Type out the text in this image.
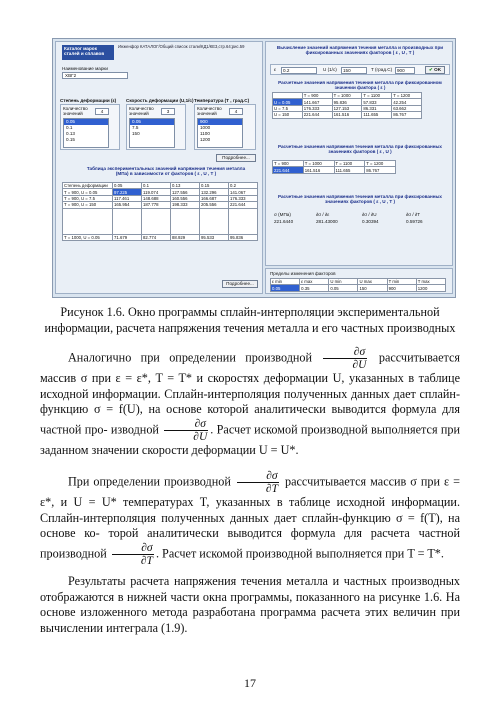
Каталог марок сталей и сплавов
Инженфор КАТАЛОГ/Общий список стали/КД1/КЕ3,стр.64;рис.59
Наименование марки
ХВГ2
Степень деформации (ε)
Количество значений	4
0.05
0.1
0.13
0.15
Скорость деформации (U,1/c)
Количество значений	3
0.05
7.5
150
Температура (T , град.С)
Количество значений	4
900
1000
1100
1200
Подробнее...
Таблица экспериментальных значений напряжения течения металла (МПа) в зависимости от факторов ( ε , U , T )
Степень деформации	0.05	0.1	0.13	0.15	0.2
T = 900, U = 0.05	97.225	119.074	127.556	132.296	141.067
T = 900, U = 7.5	117.461	148.688	160.556	166.687	176.333
T = 900, U = 150	165.954	187.778	198.333	205.556	221.644

T = 1000, U = 0.05	71.679	82.774	88.929	95.533	95.836
Подробнее...
Вычисление значений напряжения течения металла и производных при фиксированных значениях факторов ( ε , U , T )
ε	0.2	U (1/c)	150	T (град.С)	900	✔ OK
Расчетные значения напряжения течения металла при фиксированном значении фактора ( ε )
	T = 900	T = 1000	T = 1100	T = 1200
U = 0.05	141.667	95.836	57.833	42.254
U = 7.5	176.333	127.153	86.331	63.662
U = 150	221.644	161.516	111.655	86.767
Расчетные значения напряжения течения металла при фиксированных значениях факторов ( ε , U )
T = 900	T = 1000	T = 1100	T = 1200
221.644	161.516	111.655	86.767
Расчетные значения напряжения течения металла при фиксированных значениях факторов ( ε , U , T )
σ (МПа)	∂σ / ∂ε	∂σ / ∂U	∂σ / ∂T
221.6440	281.43000	0.30394	0.59726
Пределы изменения факторов
ε min	ε max	U min	U max	T min	T max
0.05	0.35	0.05	150	900	1200
Рисунок 1.6. Окно программы сплайн-интерполяции экспериментальной
информации, расчета напряжения течения металла и его частных производных
Аналогично при определении производной $\frac{\partial\sigma}{\partial U}$ рассчитывается массив σ при ε = ε*, T = T* и скоростях деформации U, указанных в таблице исходной информации. Сплайн-интерполяция полученных данных дает сплайн-функцию σ = f(U), на основе которой аналитически выводится формула для частной про- изводной $\frac{\partial\sigma}{\partial U}$ . Расчет искомой производной выполняется при заданном значении скорости деформации U = U*.
При определении производной $\frac{\partial\sigma}{\partial T}$ рассчитывается массив σ при ε = ε*, и U = U* температурах T, указанных в таблице исходной информации. Сплайн-интерполяция полученных данных дает сплайн-функцию σ = f(T), на основе ко- торой аналитически выводится формула для расчета частной производной $\frac{\partial\sigma}{\partial T}$ . Расчет искомой производной выполняется при T = T*.
Результаты расчета напряжения течения металла и частных производных отображаются в нижней части окна программы, показанного на рисунке 1.6. На основе изложенного метода разработана программа расчета этих величин при вычислении интеграла (1.9).
17
